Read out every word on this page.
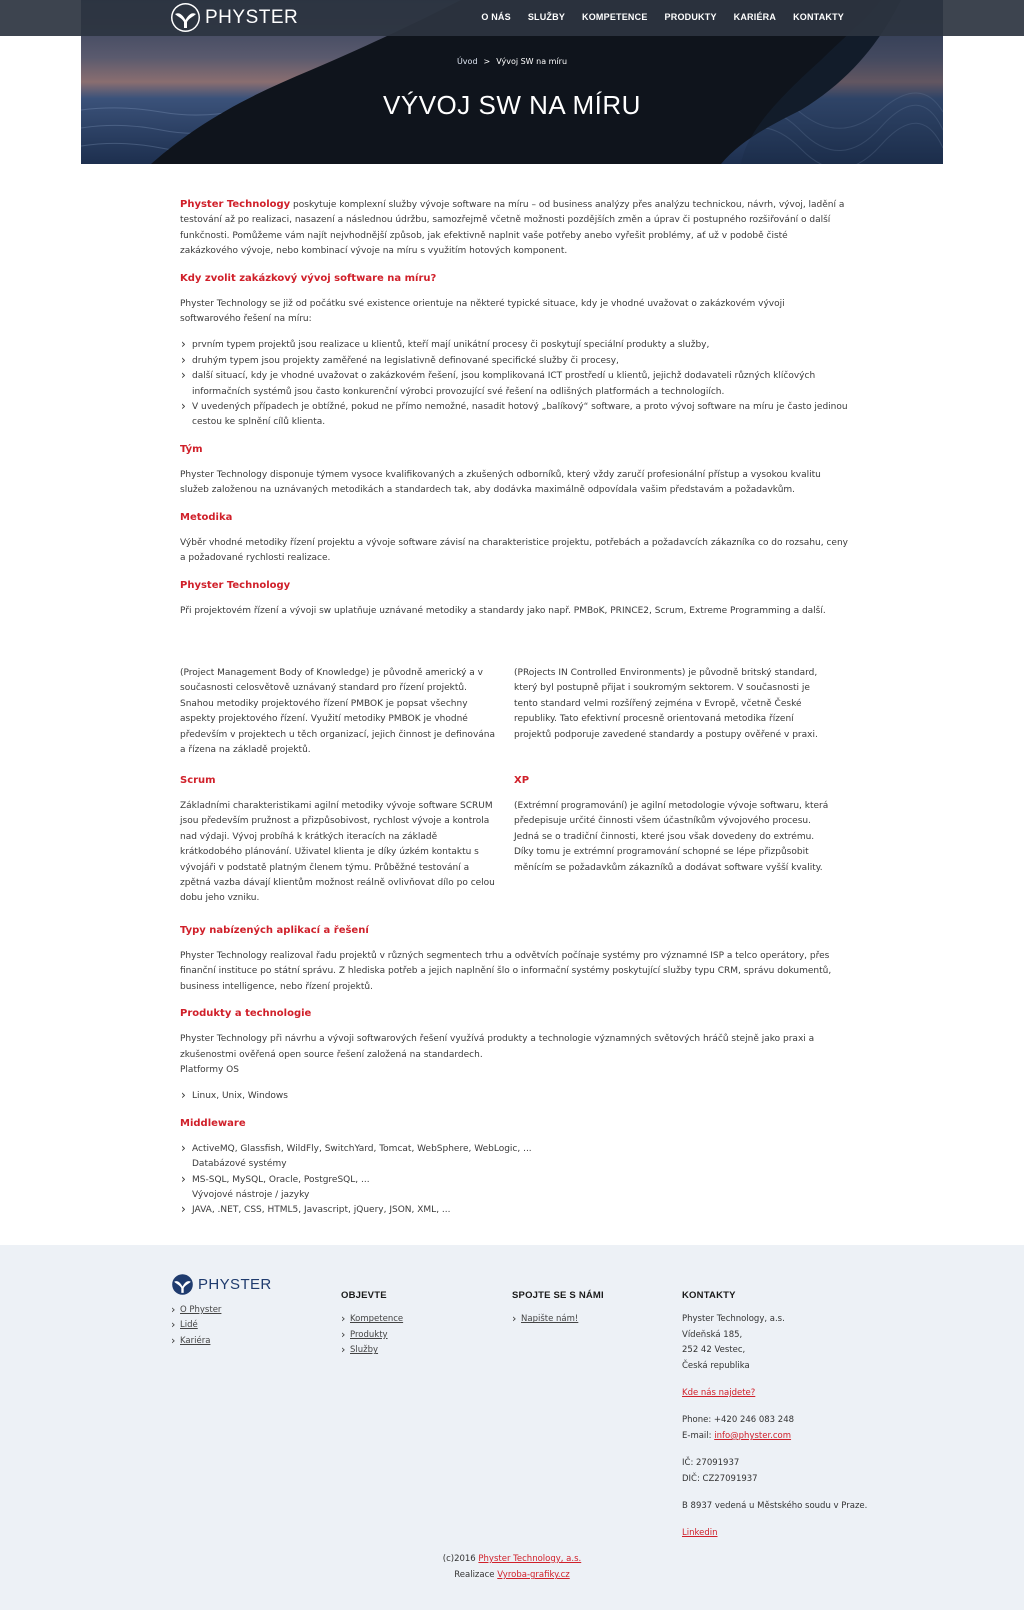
Úvod > Vývoj SW na míru
VÝVOJ SW NA MÍRU
PHYSTER	O NÁS SLUŽBY KOMPETENCE PRODUKTY KARIÉRA KONTAKTY

Physter Technology poskytuje komplexní služby vývoje software na míru – od business analýzy přes analýzu technickou, návrh, vývoj, ladění a testování až po realizaci, nasazení a následnou údržbu, samozřejmě včetně možnosti pozdějších změn a úprav či postupného rozšiřování o další funkčnosti. Pomůžeme vám najít nejvhodnější způsob, jak efektivně naplnit vaše potřeby anebo vyřešit problémy, ať už v podobě čisté zakázkového vývoje, nebo kombinací vývoje na míru s využitím hotových komponent.

Kdy zvolit zakázkový vývoj software na míru?

Physter Technology se již od počátku své existence orientuje na některé typické situace, kdy je vhodné uvažovat o zakázkovém vývoji softwarového řešení na míru:

› prvním typem projektů jsou realizace u klientů, kteří mají unikátní procesy či poskytují speciální produkty a služby,
› druhým typem jsou projekty zaměřené na legislativně definované specifické služby či procesy,
› další situací, kdy je vhodné uvažovat o zakázkovém řešení, jsou komplikovaná ICT prostředí u klientů, jejichž dodavateli různých klíčových informačních systémů jsou často konkurenční výrobci provozující své řešení na odlišných platformách a technologiích.
› V uvedených případech je obtížné, pokud ne přímo nemožné, nasadit hotový „balíkový“ software, a proto vývoj software na míru je často jedinou cestou ke splnění cílů klienta.
Tým

Physter Technology disponuje týmem vysoce kvalifikovaných a zkušených odborníků, který vždy zaručí profesionální přístup a vysokou kvalitu služeb založenou na uznávaných metodikách a standardech tak, aby dodávka maximálně odpovídala vašim představám a požadavkům.

Metodika

Výběr vhodné metodiky řízení projektu a vývoje software závisí na charakteristice projektu, potřebách a požadavcích zákazníka co do rozsahu, ceny a požadované rychlosti realizace.

Physter Technology

Při projektovém řízení a vývoji sw uplatňuje uznávané metodiky a standardy jako např. PMBoK, PRINCE2, Scrum, Extreme Programming a další.

(Project Management Body of Knowledge) je původně americký a v současnosti celosvětově uznávaný standard pro řízení projektů. Snahou metodiky projektového řízení PMBOK je popsat všechny aspekty projektového řízení. Využití metodiky PMBOK je vhodné především v projektech u těch organizací, jejich činnost je definována a řízena na základě projektů.

(PRojects IN Controlled Environments) je původně britský standard, který byl postupně přijat i soukromým sektorem. V současnosti je tento standard velmi rozšířený zejména v Evropě, včetně České republiky. Tato efektivní procesně orientovaná metodika řízení projektů podporuje zavedené standardy a postupy ověřené v praxi.

Scrum

Základními charakteristikami agilní metodiky vývoje software SCRUM jsou především pružnost a přizpůsobivost, rychlost vývoje a kontrola nad výdaji. Vývoj probíhá k krátkých iteracích na základě krátkodobého plánování. Uživatel klienta je díky úzkém kontaktu s vývojáři v podstatě platným členem týmu. Průběžné testování a zpětná vazba dávají klientům možnost reálně ovlivňovat dílo po celou dobu jeho vzniku.

XP

(Extrémní programování) je agilní metodologie vývoje softwaru, která předepisuje určité činnosti všem účastníkům vývojového procesu. Jedná se o tradiční činnosti, které jsou však dovedeny do extrému. Díky tomu je extrémní programování schopné se lépe přizpůsobit měnícím se požadavkům zákazníků a dodávat software vyšší kvality.

Typy nabízených aplikací a řešení

Physter Technology realizoval řadu projektů v různých segmentech trhu a odvětvích počínaje systémy pro významné ISP a telco operátory, přes finanční instituce po státní správu. Z hlediska potřeb a jejich naplnění šlo o informační systémy poskytující služby typu CRM, správu dokumentů, business intelligence, nebo řízení projektů.

Produkty a technologie

Physter Technology při návrhu a vývoji softwarových řešení využívá produkty a technologie významných světových hráčů stejně jako praxi a zkušenostmi ověřená open source řešení založená na standardech.

Platformy OS

› Linux, Unix, Windows
Middleware
› ActiveMQ, Glassfish, WildFly, SwitchYard, Tomcat, WebSphere, WebLogic, ...
Databázové systémy
› MS-SQL, MySQL, Oracle, PostgreSQL, ...
Vývojové nástroje / jazyky
› JAVA, .NET, CSS, HTML5, Javascript, jQuery, JSON, XML, ...
PHYSTER
› O Physter
› Lidé
› Kariéra
OBJEVTE
› Kompetence
› Produkty
› Služby
SPOJTE SE S NÁMI
› Napište nám!
KONTAKTY
Physter Technology, a.s.
Vídeňská 185,
252 42 Vestec,
Česká republika
Kde nás najdete?
Phone: +420 246 083 248
E-mail: info@physter.com
IČ: 27091937
DIČ: CZ27091937
B 8937 vedená u Městského soudu v Praze.
Linkedin
(c)2016 Physter Technology, a.s.
Realizace Vyroba-grafiky.cz
